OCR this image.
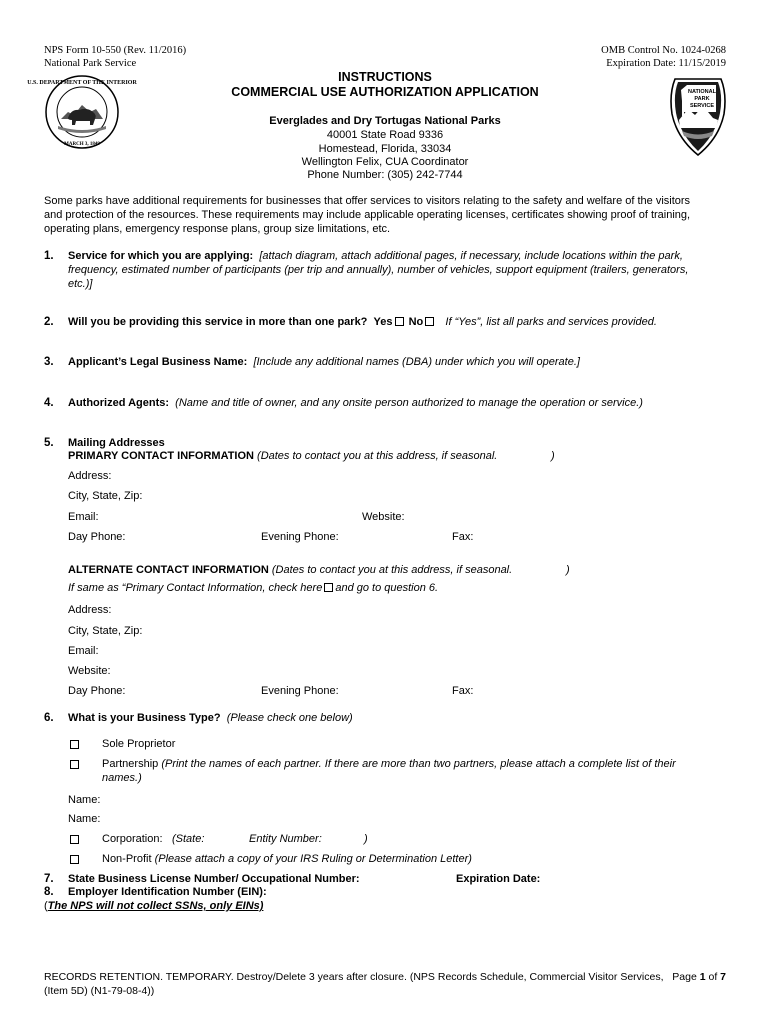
NPS Form 10-550 (Rev. 11/2016)
National Park Service
OMB Control No. 1024-0268
Expiration Date: 11/15/2019
U.S. DEPARTMENT OF THE INTERIOR
MARCH 3, 1849
NATIONAL
PARK
SERVICE
INSTRUCTIONS
COMMERCIAL USE AUTHORIZATION APPLICATION
Everglades and Dry Tortugas National Parks
40001 State Road 9336
Homestead, Florida, 33034
Wellington Felix, CUA Coordinator
Phone Number: (305) 242-7744
Some parks have additional requirements for businesses that offer services to visitors relating to the safety and welfare of the visitors
and protection of the resources. These requirements may include applicable operating licenses, certificates showing proof of training,
operating plans, emergency response plans, group size limitations, etc.
1. Service for which you are applying: [attach diagram, attach additional pages, if necessary, include locations within the park,
frequency, estimated number of participants (per trip and annually), number of vehicles, support equipment (trailers, generators,
etc.)]
2. Will you be providing this service in more than one park? Yes No If “Yes”, list all parks and services provided.
3. Applicant’s Legal Business Name: [Include any additional names (DBA) under which you will operate.]
4. Authorized Agents: (Name and title of owner, and any onsite person authorized to manage the operation or service.)
5. Mailing Addresses
PRIMARY CONTACT INFORMATION (Dates to contact you at this address, if seasonal.	)
Address:
City, State, Zip:
Email:	Website:
Day Phone:	Evening Phone:	Fax:
ALTERNATE CONTACT INFORMATION (Dates to contact you at this address, if seasonal.	)
If same as “Primary Contact Information, check here and go to question 6.
Address:
City, State, Zip:
Email:
Website:
Day Phone:	Evening Phone:	Fax:
6. What is your Business Type? (Please check one below)
Sole Proprietor
Partnership (Print the names of each partner. If there are more than two partners, please attach a complete list of their
names.)
Name:
Name:
Corporation: (State:	Entity Number:	)
Non-Profit (Please attach a copy of your IRS Ruling or Determination Letter)
7. State Business License Number/ Occupational Number:	Expiration Date:
8. Employer Identification Number (EIN):
(The NPS will not collect SSNs, only EINs)
RECORDS RETENTION. TEMPORARY. Destroy/Delete 3 years after closure. (NPS Records Schedule, Commercial Visitor Services,
(Item 5D) (N1-79-08-4))
Page 1 of 7
